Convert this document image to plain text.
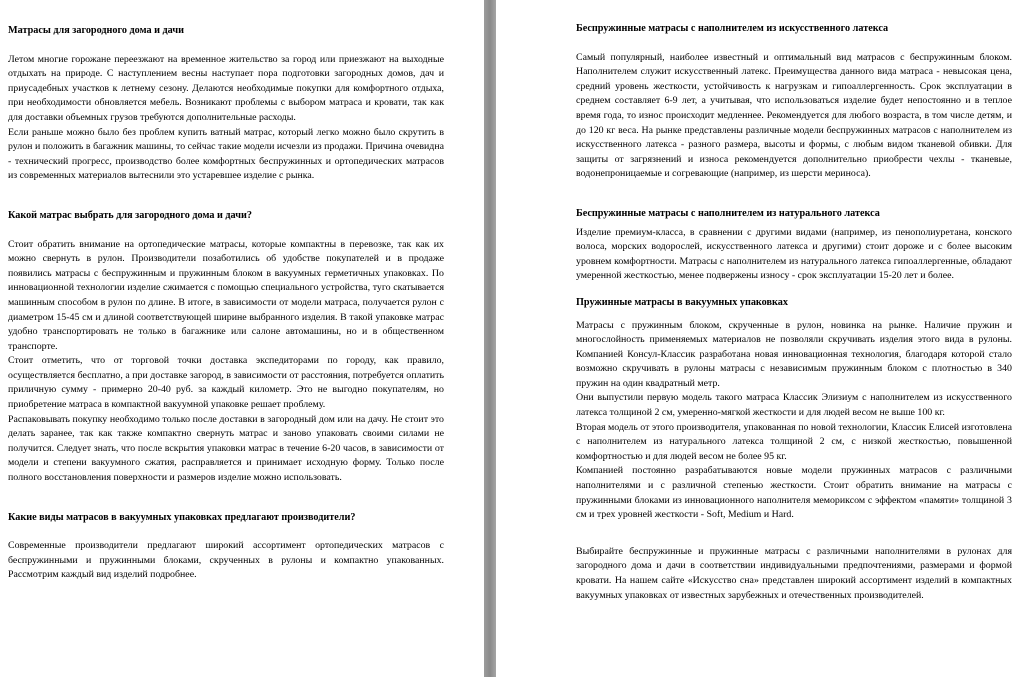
Матрасы для загородного дома и дачи

Летом многие горожане переезжают на временное жительство за город или приезжают на выходные отдыхать на природе. С наступлением весны наступает пора подготовки загородных домов, дач и приусадебных участков к летнему сезону. Делаются необходимые покупки для комфортного отдыха, при необходимости обновляется мебель. Возникают проблемы с выбором матраса и кровати, так как для доставки объемных грузов требуются дополнительные расходы.

Если раньше можно было без проблем купить ватный матрас, который легко можно было скрутить в рулон и положить в багажник машины, то сейчас такие модели исчезли из продажи. Причина очевидна - технический прогресс, производство более комфортных беспружинных и ортопедических матрасов из современных материалов вытеснили это устаревшее изделие с рынка.

Какой матрас выбрать для загородного дома и дачи?

Стоит обратить внимание на ортопедические матрасы, которые компактны в перевозке, так как их можно свернуть в рулон. Производители позаботились об удобстве покупателей и в продаже появились матрасы с беспружинным и пружинным блоком в вакуумных герметичных упаковках. По инновационной технологии изделие сжимается с помощью специального устройства, туго скатывается машинным способом в рулон по длине. В итоге, в зависимости от модели матраса, получается рулон с диаметром 15-45 см и длиной соответствующей ширине выбранного изделия. В такой упаковке матрас удобно транспортировать не только в багажнике или салоне автомашины, но и в общественном транспорте.

Стоит отметить, что от торговой точки доставка экспедиторами по городу, как правило, осуществляется бесплатно, а при доставке загород, в зависимости от расстояния, потребуется оплатить приличную сумму - примерно 20-40 руб. за каждый километр. Это не выгодно покупателям, но приобретение матраса в компактной вакуумной упаковке решает проблему.

Распаковывать покупку необходимо только после доставки в загородный дом или на дачу. Не стоит это делать заранее, так как также компактно свернуть матрас и заново упаковать своими силами не получится. Следует знать, что после вскрытия упаковки матрас в течение 6-20 часов, в зависимости от модели и степени вакуумного сжатия, расправляется и принимает исходную форму. Только после полного восстановления поверхности и размеров изделие можно использовать.

Какие виды матрасов в вакуумных упаковках предлагают производители?

Современные производители предлагают широкий ассортимент ортопедических матрасов с беспружинными и пружинными блоками, скрученных в рулоны и компактно упакованных. Рассмотрим каждый вид изделий подробнее.

Беспружинные матрасы с наполнителем из искусственного латекса

Самый популярный, наиболее известный и оптимальный вид матрасов с беспружинным блоком. Наполнителем служит искусственный латекс. Преимущества данного вида матраса - невысокая цена, средний уровень жесткости, устойчивость к нагрузкам и гипоаллергенность. Срок эксплуатации в среднем составляет 6-9 лет, а учитывая, что использоваться изделие будет непостоянно и в теплое время года, то износ происходит медленнее. Рекомендуется для любого возраста, в том числе детям, и до 120 кг веса. На рынке представлены различные модели беспружинных матрасов с наполнителем из искусственного латекса - разного размера, высоты и формы, с любым видом тканевой обивки. Для защиты от загрязнений и износа рекомендуется дополнительно приобрести чехлы - тканевые, водонепроницаемые и согревающие (например, из шерсти мериноса).

Беспружинные матрасы с наполнителем из натурального латекса

Изделие премиум-класса, в сравнении с другими видами (например, из пенополиуретана, конского волоса, морских водорослей, искусственного латекса и другими) стоит дороже и с более высоким уровнем комфортности. Матрасы с наполнителем из натурального латекса гипоаллергенные, обладают умеренной жесткостью, менее подвержены износу - срок эксплуатации 15-20 лет и более.

Пружинные матрасы в вакуумных упаковках

Матрасы с пружинным блоком, скрученные в рулон, новинка на рынке. Наличие пружин и многослойность применяемых материалов не позволяли скручивать изделия этого вида в рулоны. Компанией Консул-Классик разработана новая инновационная технология, благодаря которой стало возможно скручивать в рулоны матрасы с независимым пружинным блоком с плотностью в 340 пружин на один квадратный метр.

Они выпустили первую модель такого матраса Классик Элизиум с наполнителем из искусственного латекса толщиной 2 см, умеренно-мягкой жесткости и для людей весом не выше 100 кг.

Вторая модель от этого производителя, упакованная по новой технологии, Классик Елисей изготовлена с наполнителем из натурального латекса толщиной 2 см, с низкой жесткостью, повышенной комфортностью и для людей весом не более 95 кг.

Компанией постоянно разрабатываются новые модели пружинных матрасов с различными наполнителями и с различной степенью жесткости. Стоит обратить внимание на матрасы с пружинными блоками из инновационного наполнителя мемориксом с эффектом «памяти» толщиной 3 см и трех уровней жесткости - Soft, Medium и Hard.

Выбирайте беспружинные и пружинные матрасы с различными наполнителями в рулонах для загородного дома и дачи в соответствии индивидуальными предпочтениями, размерами и формой кровати. На нашем сайте «Искусство сна» представлен широкий ассортимент изделий в компактных вакуумных упаковках от известных зарубежных и отечественных производителей.
